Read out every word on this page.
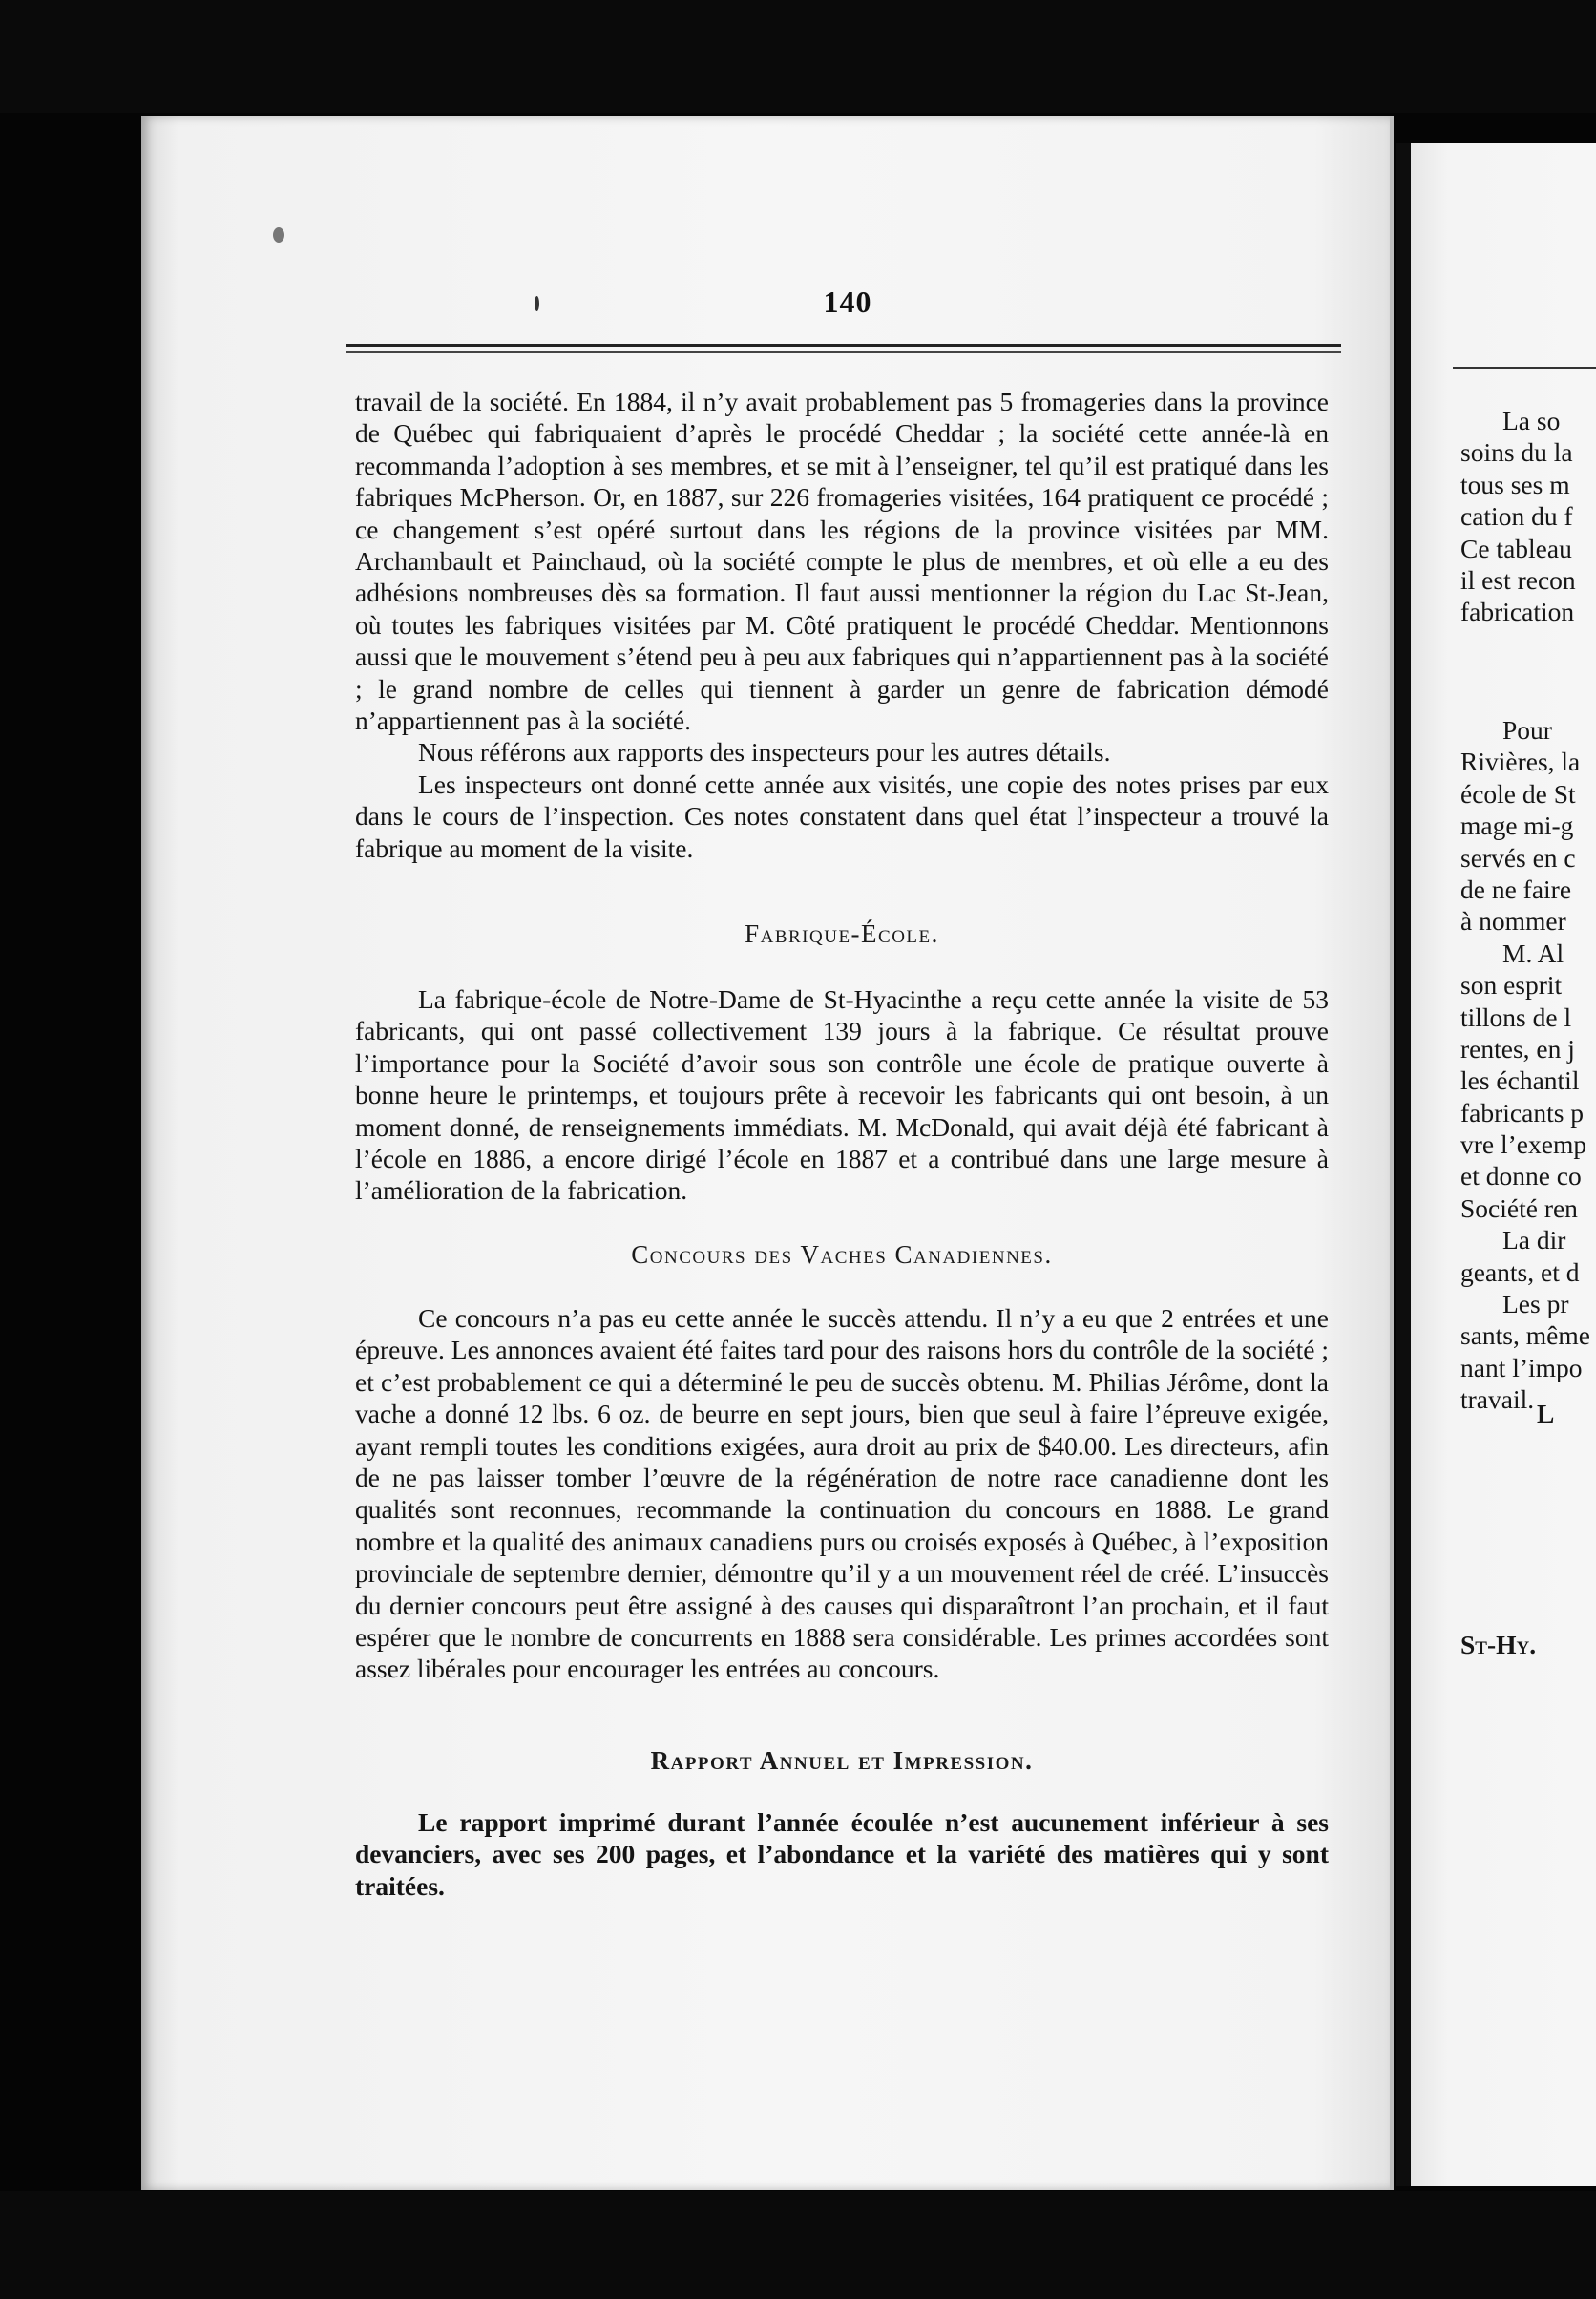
140

travail de la société. En 1884, il n’y avait probablement pas 5 fromageries dans la province de Québec qui fabriquaient d’après le procédé Cheddar ; la société cette année-là en recommanda l’adoption à ses membres, et se mit à l’enseigner, tel qu’il est pratiqué dans les fabriques McPherson. Or, en 1887, sur 226 fromageries visitées, 164 pratiquent ce procédé ; ce changement s’est opéré surtout dans les régions de la province visitées par MM. Archambault et Painchaud, où la société compte le plus de membres, et où elle a eu des adhésions nombreuses dès sa formation. Il faut aussi mentionner la région du Lac St-Jean, où toutes les fabriques visitées par M. Côté pratiquent le procédé Cheddar. Mentionnons aussi que le mouvement s’étend peu à peu aux fabriques qui n’appartiennent pas à la société ; le grand nombre de celles qui tiennent à garder un genre de fabrication démodé n’appartiennent pas à la société.

Nous référons aux rapports des inspecteurs pour les autres détails.

Les inspecteurs ont donné cette année aux visités, une copie des notes prises par eux dans le cours de l’inspection. Ces notes constatent dans quel état l’inspecteur a trouvé la fabrique au moment de la visite.

Fabrique-École.

La fabrique-école de Notre-Dame de St-Hyacinthe a reçu cette année la visite de 53 fabricants, qui ont passé collectivement 139 jours à la fabrique. Ce résultat prouve l’importance pour la Société d’avoir sous son contrôle une école de pratique ouverte à bonne heure le printemps, et toujours prête à recevoir les fabricants qui ont besoin, à un moment donné, de renseignements immédiats. M. McDonald, qui avait déjà été fabricant à l’école en 1886, a encore dirigé l’école en 1887 et a contribué dans une large mesure à l’amélioration de la fabrication.

Concours des Vaches Canadiennes.

Ce concours n’a pas eu cette année le succès attendu. Il n’y a eu que 2 entrées et une épreuve. Les annonces avaient été faites tard pour des raisons hors du contrôle de la société ; et c’est probablement ce qui a déterminé le peu de succès obtenu. M. Philias Jérôme, dont la vache a donné 12 lbs. 6 oz. de beurre en sept jours, bien que seul à faire l’épreuve exigée, ayant rempli toutes les conditions exigées, aura droit au prix de $40.00. Les directeurs, afin de ne pas laisser tomber l’œuvre de la régénération de notre race canadienne dont les qualités sont reconnues, recommande la continuation du concours en 1888. Le grand nombre et la qualité des animaux canadiens purs ou croisés exposés à Québec, à l’exposition provinciale de septembre dernier, démontre qu’il y a un mouvement réel de créé. L’insuccès du dernier concours peut être assigné à des causes qui disparaîtront l’an prochain, et il faut espérer que le nombre de concurrents en 1888 sera considérable. Les primes accordées sont assez libérales pour encourager les entrées au concours.

Rapport Annuel et Impression.

Le rapport imprimé durant l’année écoulée n’est aucunement inférieur à ses devanciers, avec ses 200 pages, et l’abondance et la variété des matières qui y sont traitées.

La so
soins du la
tous ses m
cation du f
Ce tableau
il est recon
fabrication
Pour
Rivières, la
école de St
mage mi-g
servés en c
de ne faire
à nommer
M. Al
son esprit
tillons de l
rentes, en j
les échantil
fabricants p
vre l’exemp
et donne co
Société ren
La dir
geants, et d
Les pr
sants, même
nant l’impo
travail. L
St-Hy.
